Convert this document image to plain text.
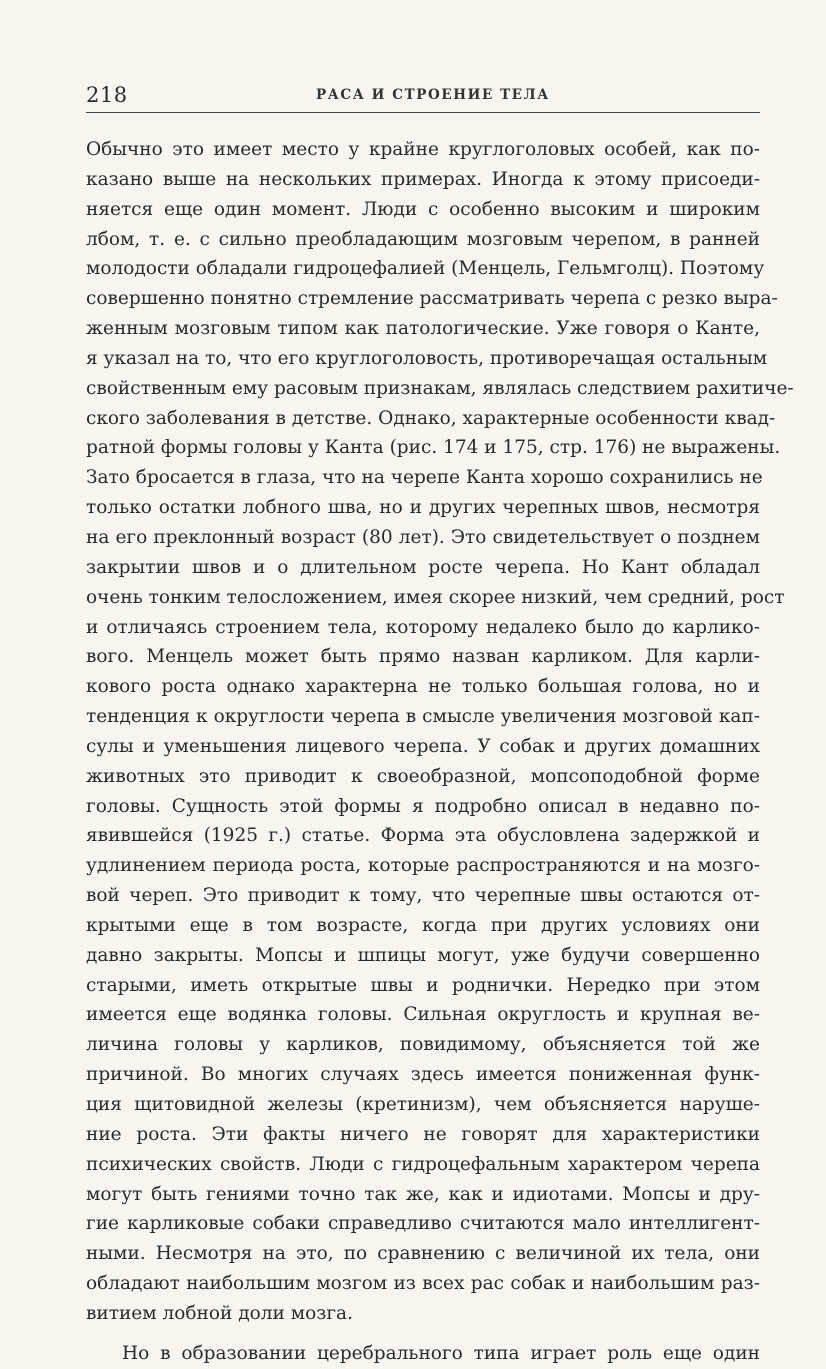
218	РАСА И СТРОЕНИЕ ТЕЛА
Обычно это имеет место у крайне круглоголовых особей, как по-
казано выше на нескольких примерах. Иногда к этому присоеди-
няется еще один момент. Люди с особенно высоким и широким
лбом, т. е. с сильно преобладающим мозговым черепом, в ранней
молодости обладали гидроцефалией (Менцель, Гельмголц). Поэтому
совершенно понятно стремление рассматривать черепа с резко выра-
женным мозговым типом как патологические. Уже говоря о Канте,
я указал на то, что его круглоголовость, противоречащая остальным
свойственным ему расовым признакам, являлась следствием рахитиче-
ского заболевания в детстве. Однако, характерные особенности квад-
ратной формы головы у Канта (рис. 174 и 175, стр. 176) не выражены.
Зато бросается в глаза, что на черепе Канта хорошо сохранились не
только остатки лобного шва, но и других черепных швов, несмотря
на его преклонный возраст (80 лет). Это свидетельствует о позднем
закрытии швов и о длительном росте черепа. Но Кант обладал
очень тонким телосложением, имея скорее низкий, чем средний, рост
и отличаясь строением тела, которому недалеко было до карлико-
вого. Менцель может быть прямо назван карликом. Для карли-
кового роста однако характерна не только большая голова, но и
тенденция к округлости черепа в смысле увеличения мозговой кап-
сулы и уменьшения лицевого черепа. У собак и других домашних
животных это приводит к своеобразной, мопсоподобной форме
головы. Сущность этой формы я подробно описал в недавно по-
явившейся (1925 г.) статье. Форма эта обусловлена задержкой и
удлинением периода роста, которые распространяются и на мозго-
вой череп. Это приводит к тому, что черепные швы остаются от-
крытыми еще в том возрасте, когда при других условиях они
давно закрыты. Мопсы и шпицы могут, уже будучи совершенно
старыми, иметь открытые швы и роднички. Нередко при этом
имеется еще водянка головы. Сильная округлость и крупная ве-
личина головы у карликов, повидимому, объясняется той же
причиной. Во многих случаях здесь имеется пониженная функ-
ция щитовидной железы (кретинизм), чем объясняется наруше-
ние роста. Эти факты ничего не говорят для характеристики
психических свойств. Люди с гидроцефальным характером черепа
могут быть гениями точно так же, как и идиотами. Мопсы и дру-
гие карликовые собаки справедливо считаются мало интеллигент-
ными. Несмотря на это, по сравнению с величиной их тела, они
обладают наибольшим мозгом из всех рас собак и наибольшим раз-
витием лобной доли мозга.
Но в образовании церебрального типа играет роль еще один
